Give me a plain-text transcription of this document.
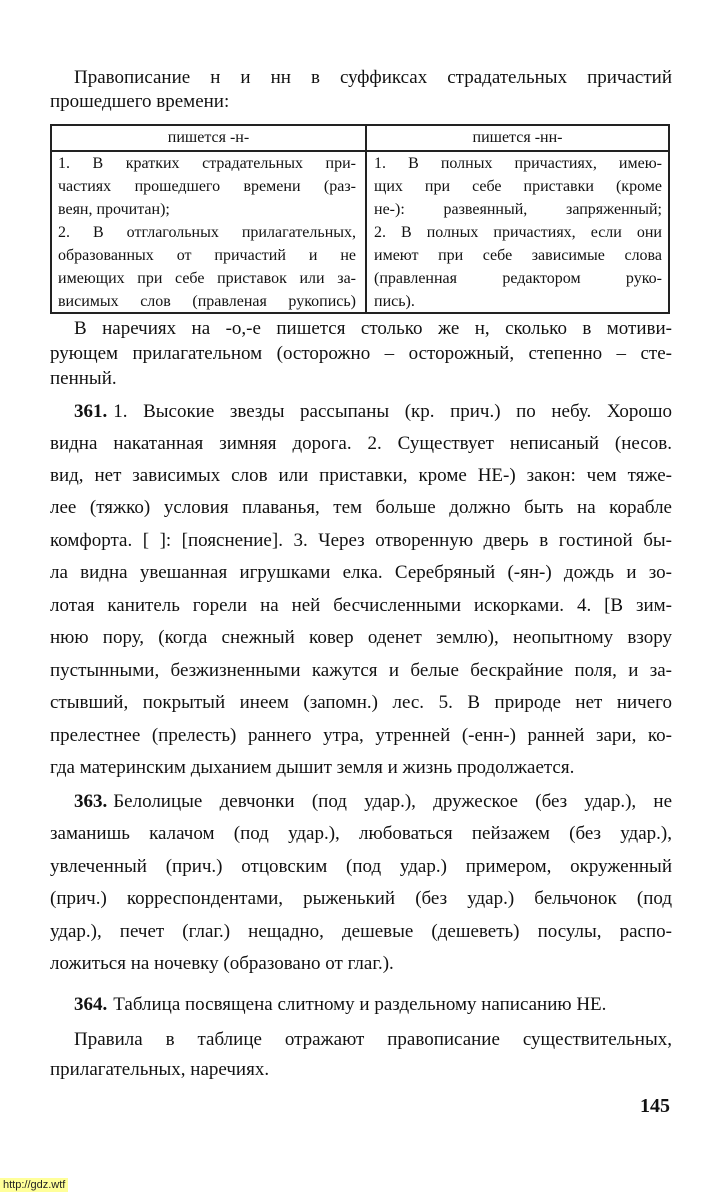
Правописание н и нн в суффиксах страдательных причастий
прошедшего времени:
пишется -н-	пишется -нн-
1. В кратких страдательных при-
частиях прошедшего времени (раз-
веян, прочитан);
2. В отглагольных прилагательных,
образованных от причастий и не
имеющих при себе приставок или за-
висимых слов (правленая рукопись)
1. В полных причастиях, имею-
щих при себе приставки (кроме
не-): развеянный, запряженный;
2. В полных причастиях, если они
имеют при себе зависимые слова
(правленная редактором руко-
пись).
В наречиях на -о,-е пишется столько же н, сколько в мотиви-
рующем прилагательном (осторожно – осторожный, степенно – сте-
пенный.
361. 1. Высокие звезды рассыпаны (кр. прич.) по небу. Хорошо
видна накатанная зимняя дорога. 2. Существует неписаный (несов.
вид, нет зависимых слов или приставки, кроме НЕ-) закон: чем тяже-
лее (тяжко) условия плаванья, тем больше должно быть на корабле
комфорта. [ ]: [пояснение]. 3. Через отворенную дверь в гостиной бы-
ла видна увешанная игрушками елка. Серебряный (-ян-) дождь и зо-
лотая канитель горели на ней бесчисленными искорками. 4. [В зим-
нюю пору, (когда снежный ковер оденет землю), неопытному взору
пустынными, безжизненными кажутся и белые бескрайние поля, и за-
стывший, покрытый инеем (запомн.) лес. 5. В природе нет ничего
прелестнее (прелесть) раннего утра, утренней (-енн-) ранней зари, ко-
гда материнским дыханием дышит земля и жизнь продолжается.
363. Белолицые девчонки (под удар.), дружеское (без удар.), не
заманишь калачом (под удар.), любоваться пейзажем (без удар.),
увлеченный (прич.) отцовским (под удар.) примером, окруженный
(прич.) корреспондентами, рыженький (без удар.) бельчонок (под
удар.), печет (глаг.) нещадно, дешевые (дешеветь) посулы, распо-
ложиться на ночевку (образовано от глаг.).
364. Таблица посвящена слитному и раздельному написанию НЕ.
Правила в таблице отражают правописание существительных,
прилагательных, наречиях.
145
http://gdz.wtf
